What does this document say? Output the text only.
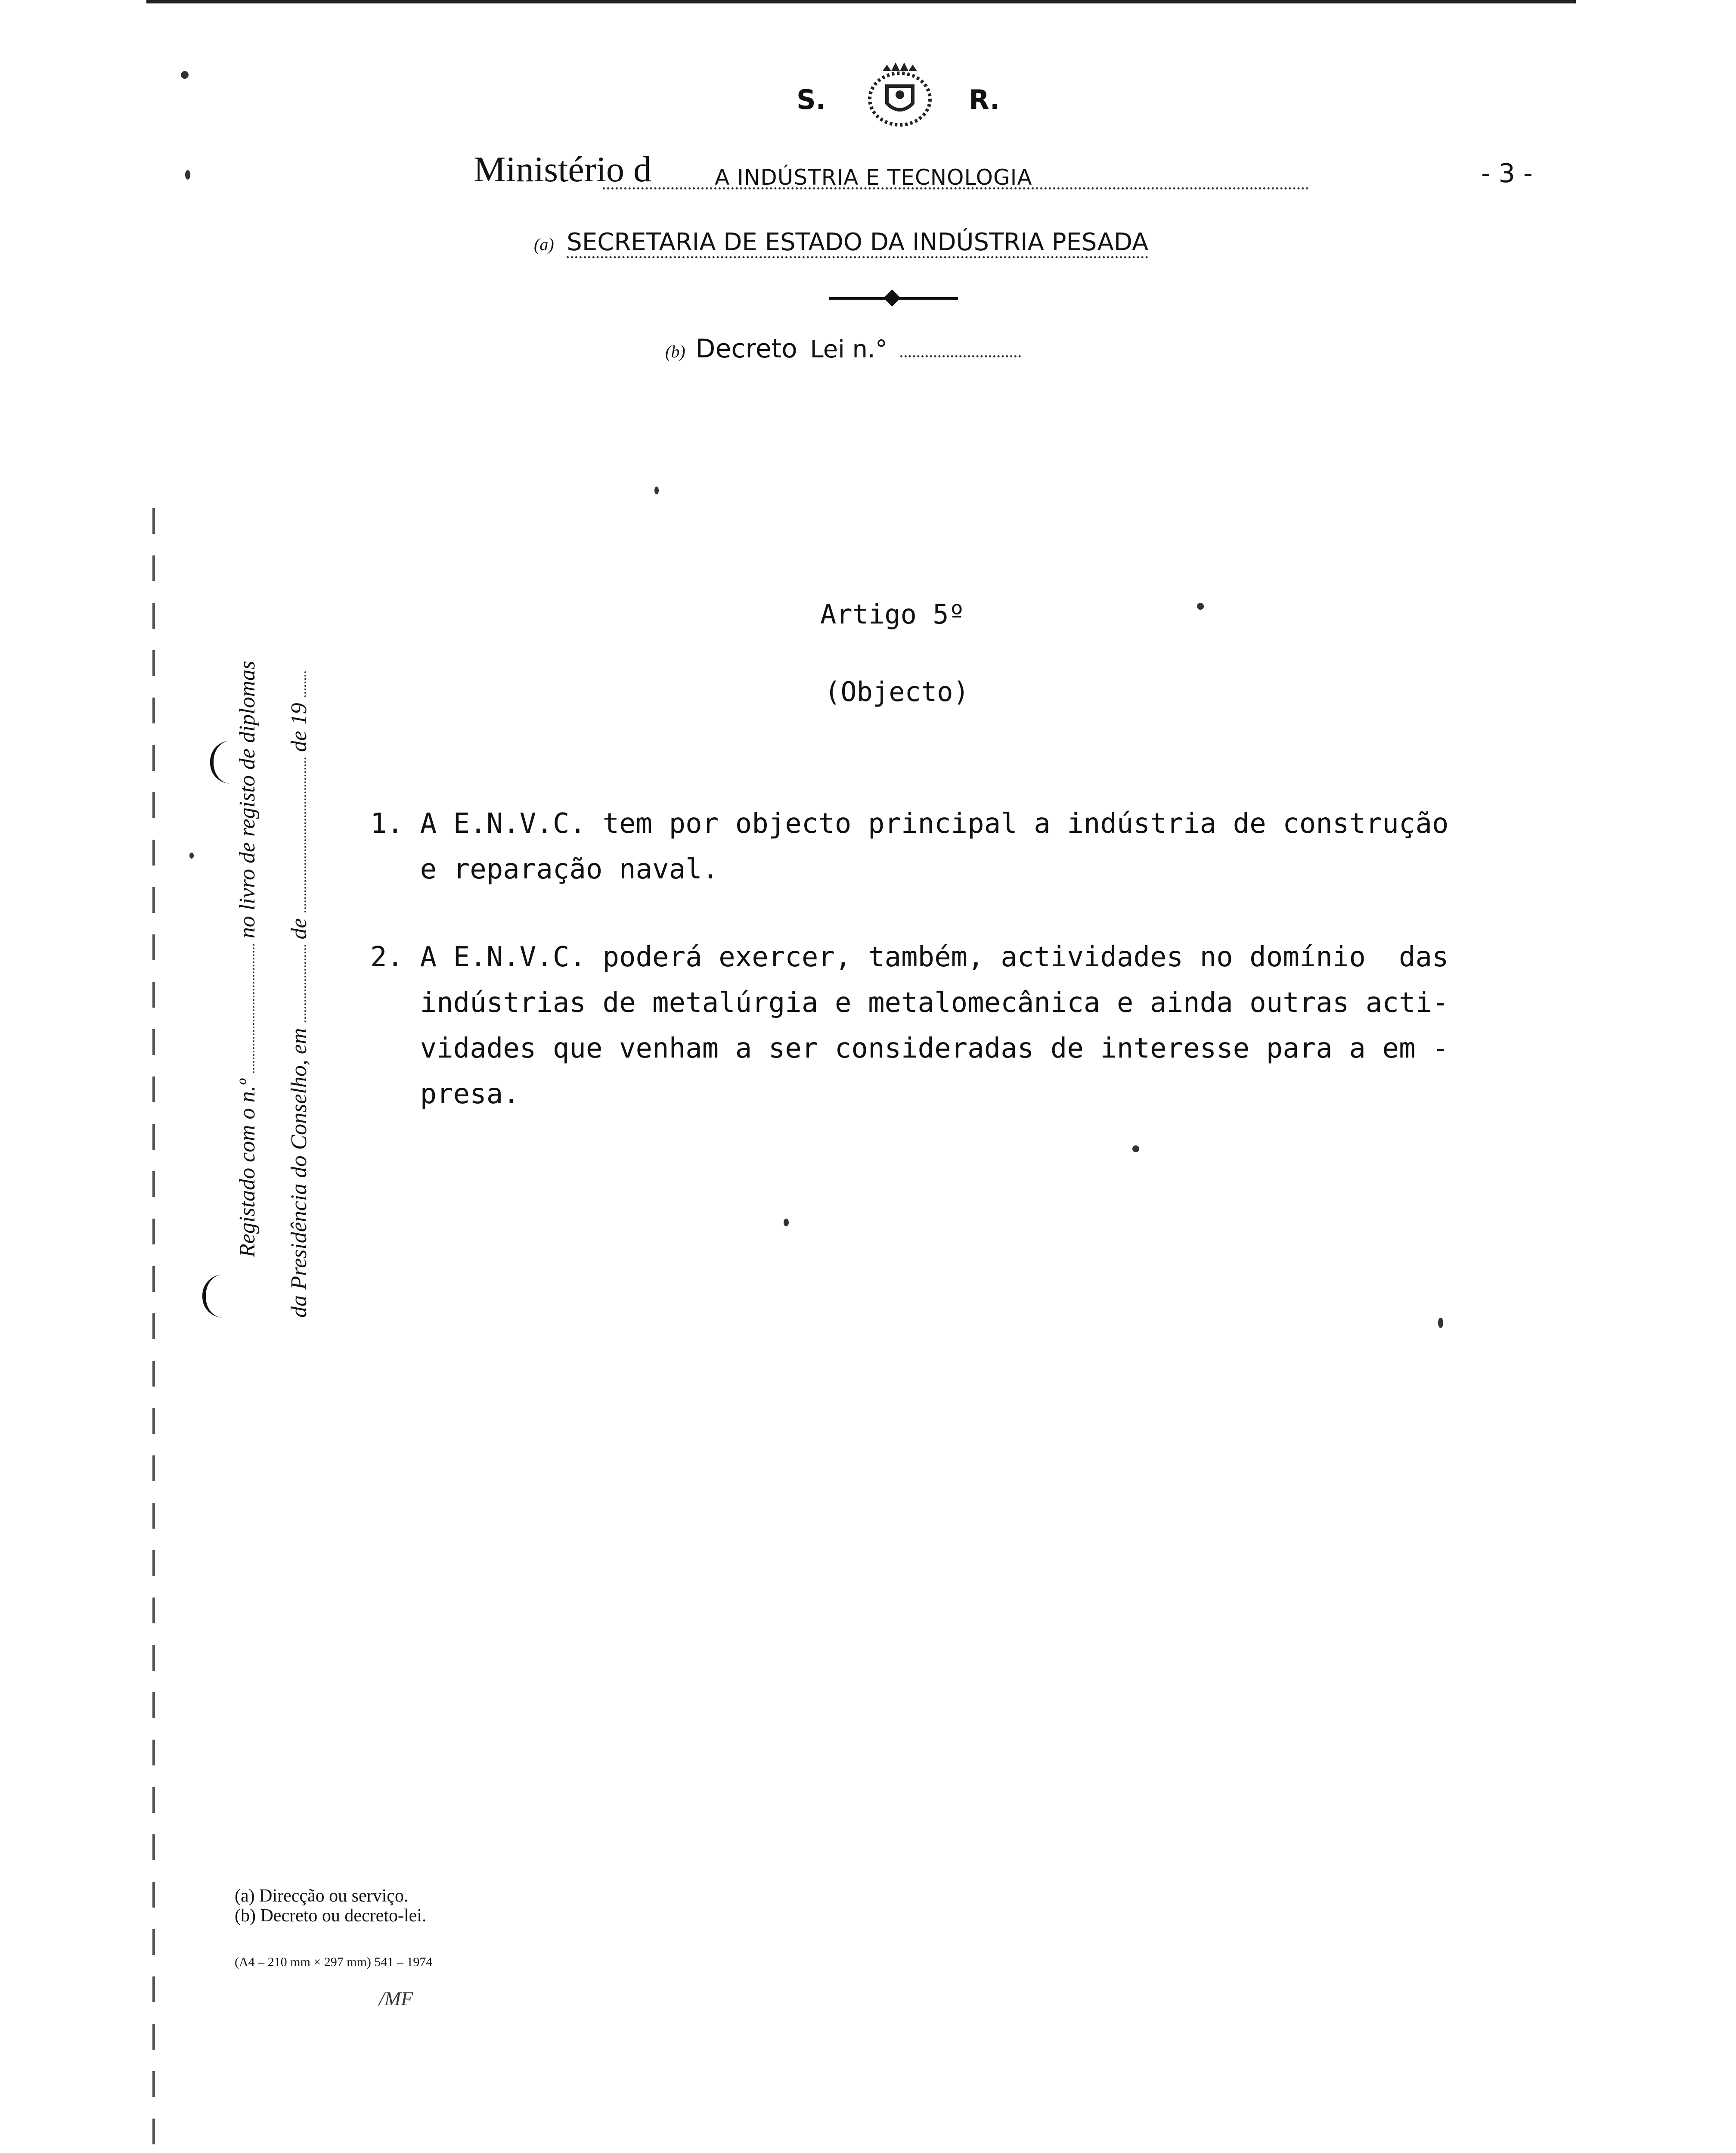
S.	R.
Ministério d	A INDÚSTRIA E TECNOLOGIA	- 3 -
(a) SECRETARIA DE ESTADO DA INDÚSTRIA PESADA
(b) Decreto Lei n.°
Artigo 5º
(Objecto)
1. A E.N.V.C. tem por objecto principal a indústria de construção
e reparação naval.
2. A E.N.V.C. poderá exercer, também, actividades no domínio  das
indústrias de metalúrgia e metalomecânica e ainda outras acti-
vidades que venham a ser consideradas de interesse para a em -
presa.
Registado com o n.º  no livro de registo de diplomas
da Presidência do Conselho, em  de  de 19
(a) Direcção ou serviço.
(b) Decreto ou decreto-lei.
(A4 – 210 mm × 297 mm) 541 – 1974
/MF
